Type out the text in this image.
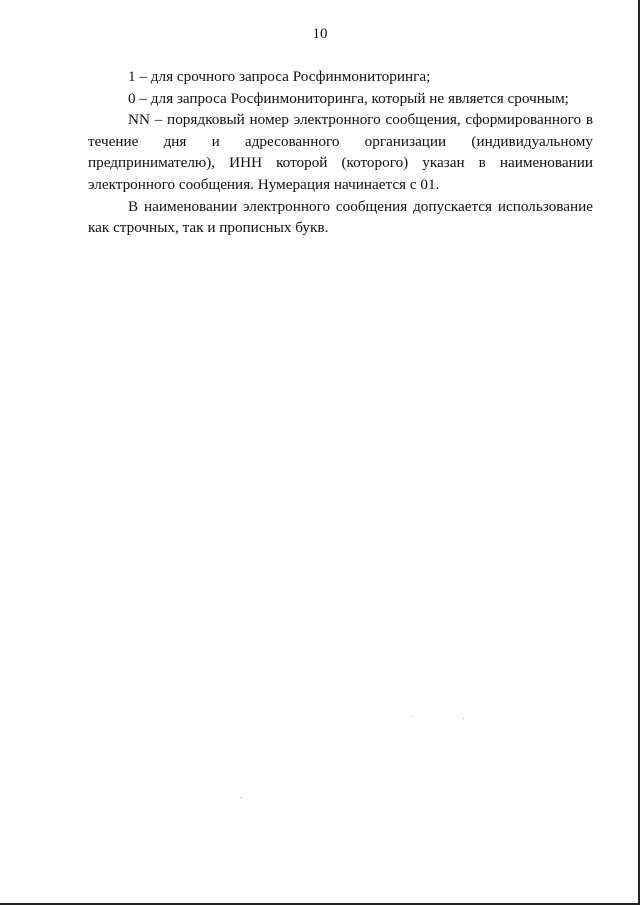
10

1 – для срочного запроса Росфинмониторинга;

0 – для запроса Росфинмониторинга, который не является срочным;

NN – порядковый номер электронного сообщения, сформированного в течение дня и адресованного организации (индивидуальному предпринимателю), ИНН которой (которого) указан в наименовании электронного сообщения. Нумерация начинается с 01.

В наименовании электронного сообщения допускается использование как строчных, так и прописных букв.
